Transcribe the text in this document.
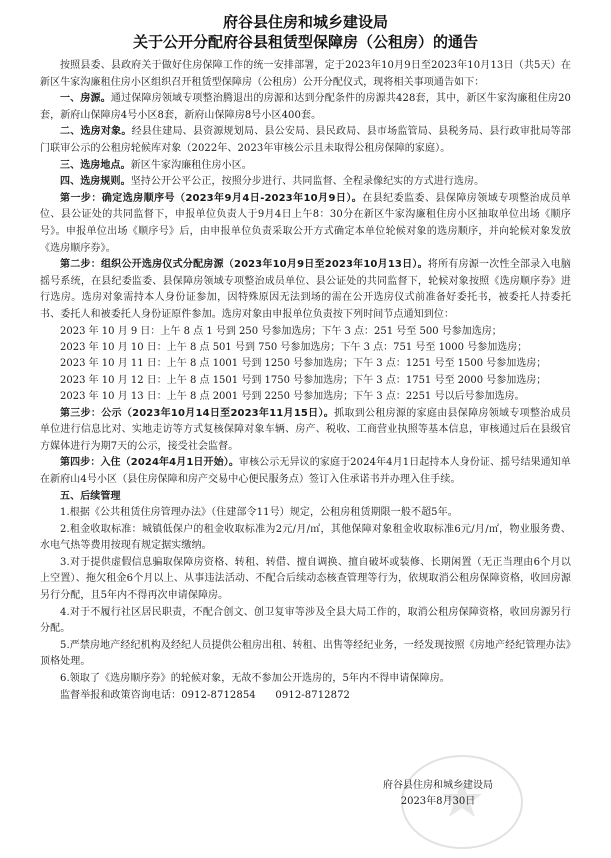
府谷县住房和城乡建设局
关于公开分配府谷县租赁型保障房（公租房）的通告

按照县委、县政府关于做好住房保障工作的统一安排部署，定于2023年10月9日至2023年10月13日（共5天）在新区牛家沟廉租住房小区组织召开租赁型保障房（公租房）公开分配仪式，现将相关事项通告如下：

一、房源。通过保障房领域专项整治腾退出的房源和达到分配条件的房源共428套，其中，新区牛家沟廉租住房20套，新府山保障房4号小区8套，新府山保障房8号小区400套。

二、选房对象。经县住建局、县资源规划局、县公安局、县民政局、县市场监管局、县税务局、县行政审批局等部门联审公示的公租房轮候库对象（2022年、2023年审核公示且未取得公租房保障的家庭）。

三、选房地点。新区牛家沟廉租住房小区。

四、选房规则。坚持公开公平公正，按照分步进行、共同监督、全程录像纪实的方式进行选房。

第一步：确定选房顺序号（2023年9月4日-2023年10月9日）。在县纪委监委、县保障房领域专项整治成员单位、县公证处的共同监督下，申报单位负责人于9月4日上午8：30分在新区牛家沟廉租住房小区抽取单位出场《顺序号》。申报单位出场《顺序号》后，由申报单位负责采取公开方式确定本单位轮候对象的选房顺序，并向轮候对象发放《选房顺序券》。

第二步：组织公开选房仪式分配房源（2023年10月9日至2023年10月13日）。将所有房源一次性全部录入电脑摇号系统，在县纪委监委、县保障房领域专项整治成员单位、县公证处的共同监督下，轮候对象按照《选房顺序券》进行选房。选房对象需持本人身份证参加，因特殊原因无法到场的需在公开选房仪式前准备好委托书，被委托人持委托书、委托人和被委托人身份证原件参加。选房对象由申报单位负责按下列时间节点通知到位：

2023 年 10 月 9 日：上午 8 点 1 号到 250 号参加选房；下午 3 点：251 号至 500 号参加选房；

2023 年 10 月 10 日：上午 8 点 501 号到 750 号参加选房；下午 3 点：751 号至 1000 号参加选房；

2023 年 10 月 11 日：上午 8 点 1001 号到 1250 号参加选房；下午 3 点：1251 号至 1500 号参加选房；

2023 年 10 月 12 日：上午 8 点 1501 号到 1750 号参加选房；下午 3 点：1751 号至 2000 号参加选房；

2023 年 10 月 13 日：上午 8 点 2001 号到 2250 号参加选房；下午 3 点：2251 号以后号参加选房。

第三步：公示（2023年10月14日至2023年11月15日）。抓取到公租房源的家庭由县保障房领域专项整治成员单位进行信息比对、实地走访等方式复核保障对象车辆、房产、税收、工商营业执照等基本信息，审核通过后在县级官方媒体进行为期7天的公示，接受社会监督。

第四步：入住（2024年4月1日开始）。审核公示无异议的家庭于2024年4月1日起持本人身份证、摇号结果通知单在新府山4号小区（县住房保障和房产交易中心便民服务点）签订入住承诺书并办理入住手续。

五、后续管理

1.根据《公共租赁住房管理办法》（住建部令11号）规定，公租房租赁期限一般不超5年。

2.租金收取标准：城镇低保户的租金收取标准为2元/月/㎡，其他保障对象租金收取标准6元/月/㎡，物业服务费、水电气热等费用按现有规定据实缴纳。

3.对于提供虚假信息骗取保障房资格、转租、转借、擅自调换、擅自破坏或装修、长期闲置（无正当理由6个月以上空置）、拖欠租金6个月以上、从事违法活动、不配合后续动态核查管理等行为，依规取消公租房保障资格，收回房源另行分配，且5年内不得再次申请保障房。

4.对于不履行社区居民职责，不配合创文、创卫复审等涉及全县大局工作的，取消公租房保障资格，收回房源另行分配。

5.严禁房地产经纪机构及经纪人员提供公租房出租、转租、出售等经纪业务，一经发现按照《房地产经纪管理办法》顶格处理。

6.领取了《选房顺序券》的轮候对象，无故不参加公开选房的，5年内不得申请保障房。

监督举报和政策咨询电话：0912-8712854      0912-8712872

府谷县住房和城乡建设局
2023年8月30日
